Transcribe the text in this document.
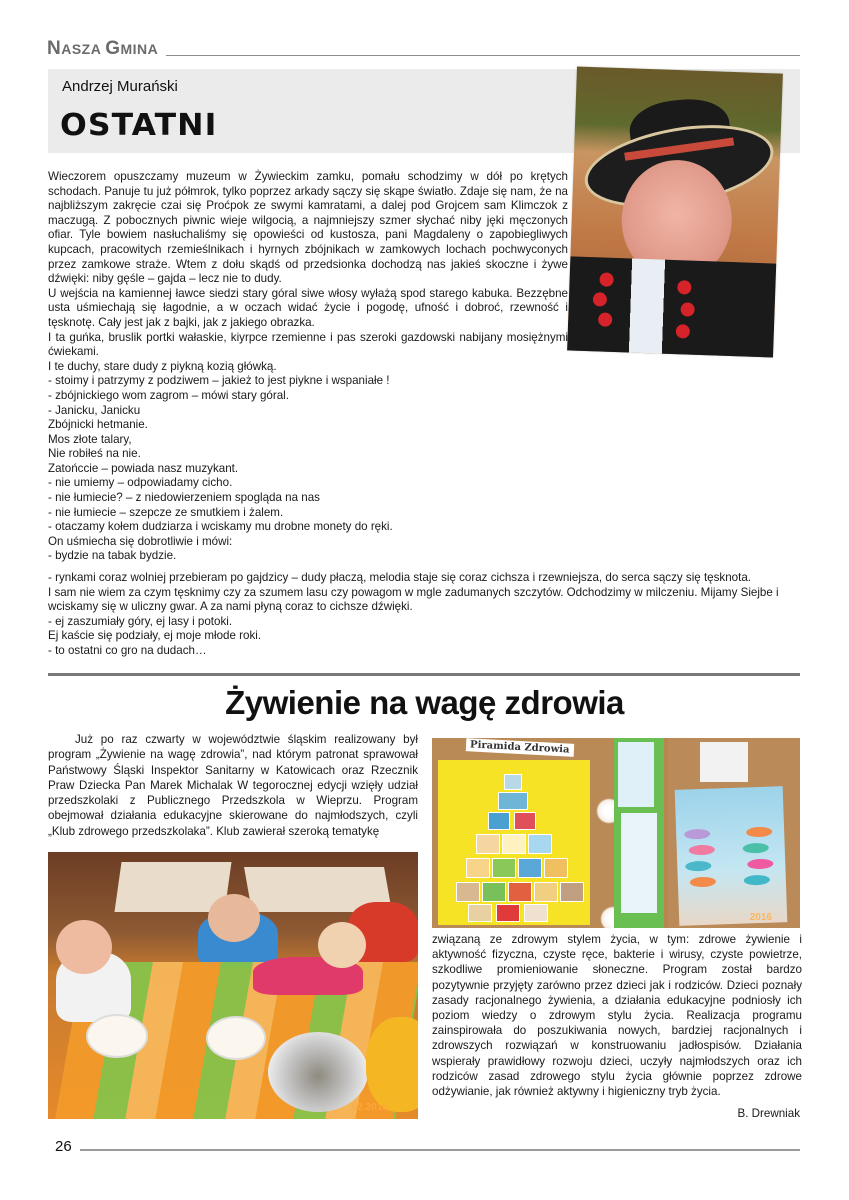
NASZA GMINA
Andrzej Murański
OSTATNI

Wieczorem opuszczamy muzeum w Żywieckim zamku, pomału schodzimy w dół po krętych schodach. Panuje tu już półmrok, tylko poprzez arkady sączy się skąpe światło. Zdaje się nam, że na najbliższym zakręcie czai się Proćpok ze swymi kamratami, a dalej pod Grojcem sam Klimczok z maczugą. Z pobocznych piwnic wieje wilgocią, a najmniejszy szmer słychać niby jęki męczonych ofiar. Tyle bowiem nasłuchaliśmy się opowieści od kustosza, pani Magdaleny o zapobiegliwych kupcach, pracowitych rzemieślnikach i hyrnych zbójnikach w zamkowych lochach pochwyconych przez zamkowe straże. Wtem z dołu skądś od przedsionka dochodzą nas jakieś skoczne i żywe dźwięki: niby gęśle – gajda – lecz nie to dudy.

U wejścia na kamiennej ławce siedzi stary góral siwe włosy wyłażą spod starego kabuka. Bezzębne usta uśmiechają się łagodnie, a w oczach widać życie i pogodę, ufność i dobroć, rzewność i tęsknotę. Cały jest jak z bajki, jak z jakiego obrazka.

I ta guńka, bruslik portki wałaskie, kiyrpce rzemienne i pas szeroki gazdowski nabijany mosiężnymi ćwiekami.

I te duchy, stare dudy z piykną kozią główką.

- stoimy i patrzymy z podziwem – jakież to jest piykne i wspaniałe !

- zbójnickiego wom zagrom – mówi stary góral.

- Janicku, Janicku

Zbójnicki hetmanie.

Mos złote talary,

Nie robiłeś na nie.

Zatońccie – powiada nasz muzykant.

- nie umiemy – odpowiadamy cicho.

- nie łumiecie? – z niedowierzeniem spogląda na nas

- nie łumiecie – szepcze ze smutkiem i żalem.

- otaczamy kołem dudziarza i wciskamy mu drobne monety do ręki.

On uśmiecha się dobrotliwie i mówi:

- bydzie na tabak bydzie.

- rynkami coraz wolniej przebieram po gajdzicy – dudy płaczą, melodia staje się coraz cichsza i rzewniejsza, do serca sączy się tęsknota.

I sam nie wiem za czym tęsknimy czy za szumem lasu czy powagom w mgle zadumanych szczytów. Odchodzimy w milczeniu. Mijamy Siejbe i wciskamy się w uliczny gwar. A za nami płyną coraz to cichsze dźwięki.

- ej zaszumiały góry, ej lasy i potoki.

Ej kaście się podziały, ej moje młode roki.

- to ostatni co gro na dudach…

Żywienie na wagę zdrowia

Już po raz czwarty w województwie śląskim realizowany był program „Żywienie na wagę zdrowia”, nad którym patronat sprawował Państwowy Śląski Inspektor Sanitarny w Katowicach oraz Rzecznik Praw Dziecka Pan Marek Michalak W tegorocznej edycji wzięły udział przedszkolaki z Publicznego Przedszkola w Wieprzu. Program obejmował działania edukacyjne skierowane do najmłodszych, czyli „Klub zdrowego przedszkolaka”. Klub zawierał szeroką tematykę

Piramida Zdrowia
2016
02.2016

związaną ze zdrowym stylem życia, w tym: zdrowe żywienie i aktywność fizyczna, czyste ręce, bakterie i wirusy, czyste powietrze, szkodliwe promieniowanie słoneczne. Program został bardzo pozytywnie przyjęty zarówno przez dzieci jak i rodziców. Dzieci poznały zasady racjonalnego żywienia, a działania edukacyjne podniosły ich poziom wiedzy o zdrowym stylu życia. Realizacja programu zainspirowała do poszukiwania nowych, bardziej racjonalnych i zdrowszych rozwiązań w konstruowaniu jadłospisów. Działania wspierały prawidłowy rozwoju dzieci, uczyły najmłodszych oraz ich rodziców zasad zdrowego stylu życia głównie poprzez zdrowe odżywianie, jak również aktywny i higieniczny tryb życia.

B. Drewniak
26
